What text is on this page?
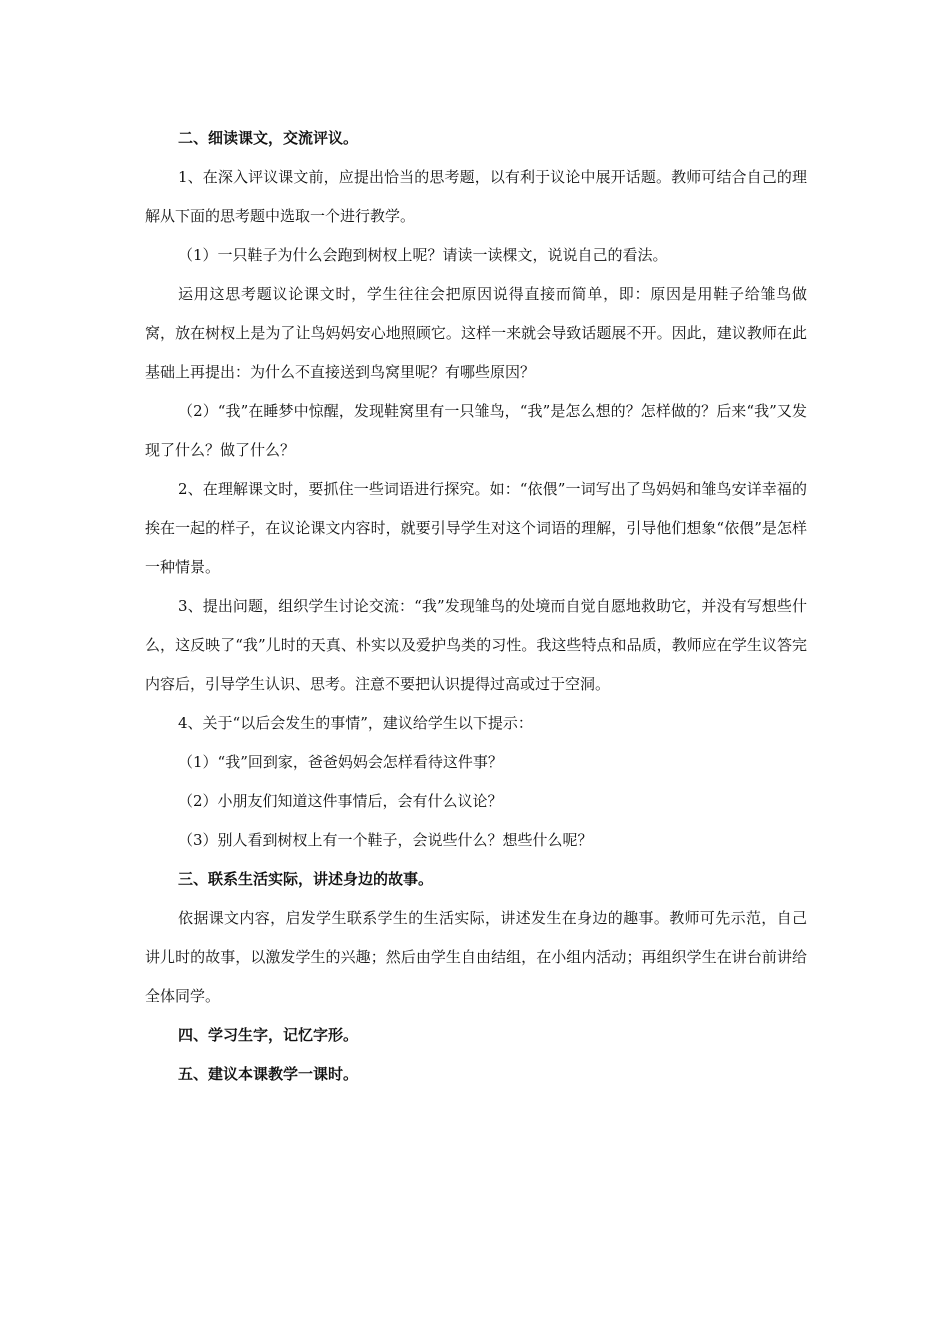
二、细读课文，交流评议。

1、在深入评议课文前，应提出恰当的思考题，以有利于议论中展开话题。教师可结合自己的理解从下面的思考题中选取一个进行教学。

（1）一只鞋子为什么会跑到树杈上呢？请读一读棵文，说说自己的看法。

运用这思考题议论课文时，学生往往会把原因说得直接而简单，即：原因是用鞋子给雏鸟做窝，放在树杈上是为了让鸟妈妈安心地照顾它。这样一来就会导致话题展不开。因此，建议教师在此基础上再提出：为什么不直接送到鸟窝里呢？有哪些原因？

（2）“我”在睡梦中惊醒，发现鞋窝里有一只雏鸟，“我”是怎么想的？怎样做的？后来“我”又发现了什么？做了什么？

2、在理解课文时，要抓住一些词语进行探究。如：“依偎”一词写出了鸟妈妈和雏鸟安详幸福的挨在一起的样子，在议论课文内容时，就要引导学生对这个词语的理解，引导他们想象“依偎”是怎样一种情景。

3、提出问题，组织学生讨论交流：“我”发现雏鸟的处境而自觉自愿地救助它，并没有写想些什么，这反映了“我”儿时的天真、朴实以及爱护鸟类的习性。我这些特点和品质，教师应在学生议答完内容后，引导学生认识、思考。注意不要把认识提得过高或过于空洞。

4、关于“以后会发生的事情”，建议给学生以下提示：

（1）“我”回到家，爸爸妈妈会怎样看待这件事？

（2）小朋友们知道这件事情后，会有什么议论？

（3）别人看到树杈上有一个鞋子，会说些什么？想些什么呢？

三、联系生活实际，讲述身边的故事。

依据课文内容，启发学生联系学生的生活实际，讲述发生在身边的趣事。教师可先示范，自己讲儿时的故事，以激发学生的兴趣；然后由学生自由结组，在小组内活动；再组织学生在讲台前讲给全体同学。

四、学习生字，记忆字形。

五、建议本课教学一课时。
